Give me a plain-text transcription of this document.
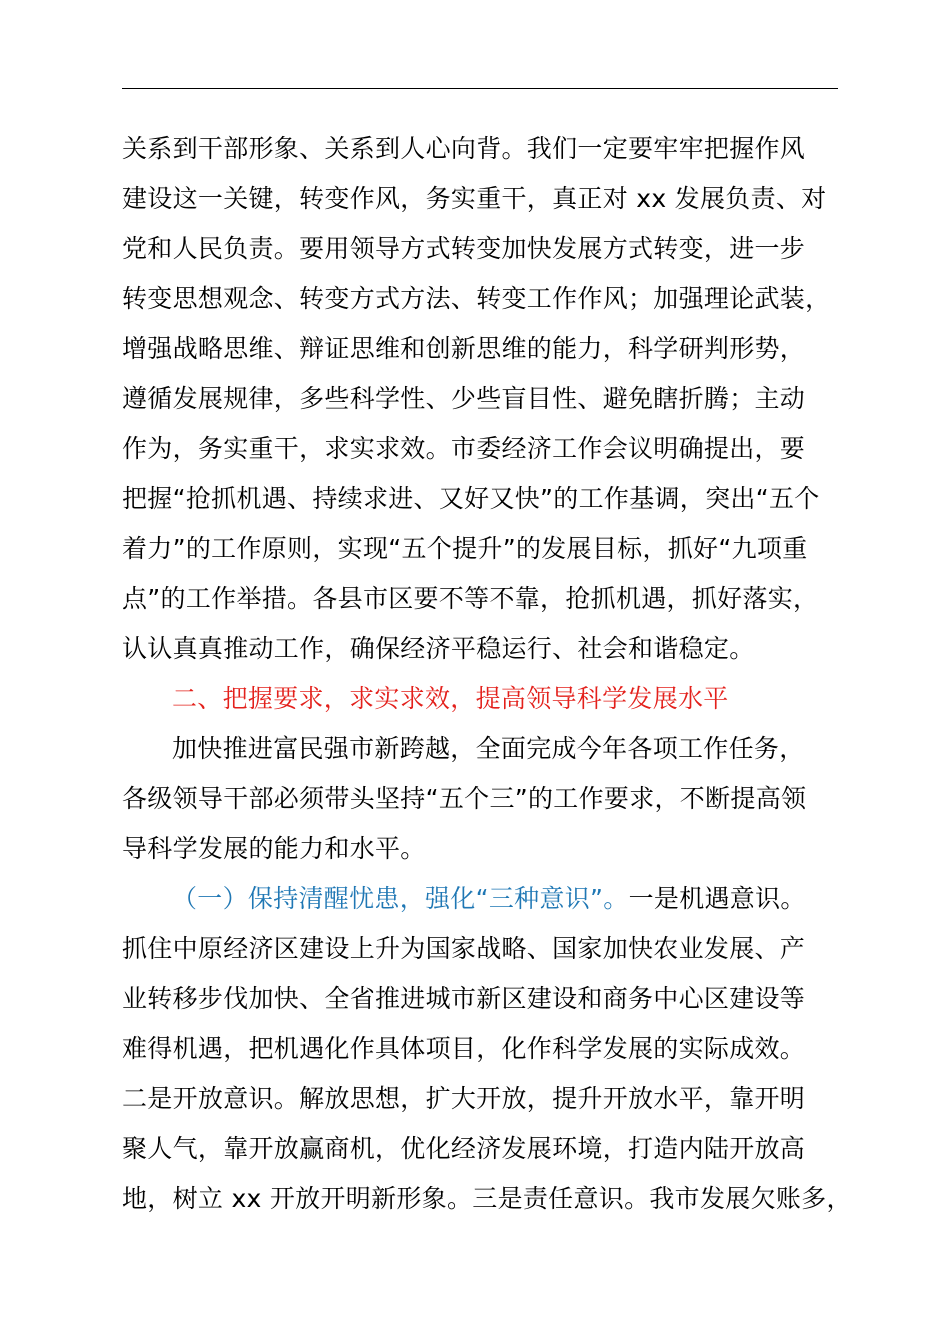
关系到干部形象、关系到人心向背。我们一定要牢牢把握作风
建设这一关键，转变作风，务实重干，真正对 xx 发展负责、对
党和人民负责。要用领导方式转变加快发展方式转变，进一步
转变思想观念、转变方式方法、转变工作作风；加强理论武装，
增强战略思维、辩证思维和创新思维的能力，科学研判形势，
遵循发展规律，多些科学性、少些盲目性、避免瞎折腾；主动
作为，务实重干，求实求效。市委经济工作会议明确提出，要
把握“抢抓机遇、持续求进、又好又快”的工作基调，突出“五个
着力”的工作原则，实现“五个提升”的发展目标，抓好“九项重
点”的工作举措。各县市区要不等不靠，抢抓机遇，抓好落实，
认认真真推动工作，确保经济平稳运行、社会和谐稳定。
二、把握要求，求实求效，提高领导科学发展水平
加快推进富民强市新跨越，全面完成今年各项工作任务，
各级领导干部必须带头坚持“五个三”的工作要求，不断提高领
导科学发展的能力和水平。
（一）保持清醒忧患，强化“三种意识”。一是机遇意识。
抓住中原经济区建设上升为国家战略、国家加快农业发展、产
业转移步伐加快、全省推进城市新区建设和商务中心区建设等
难得机遇，把机遇化作具体项目，化作科学发展的实际成效。
二是开放意识。解放思想，扩大开放，提升开放水平，靠开明
聚人气，靠开放赢商机，优化经济发展环境，打造内陆开放高
地，树立 xx 开放开明新形象。三是责任意识。我市发展欠账多，
